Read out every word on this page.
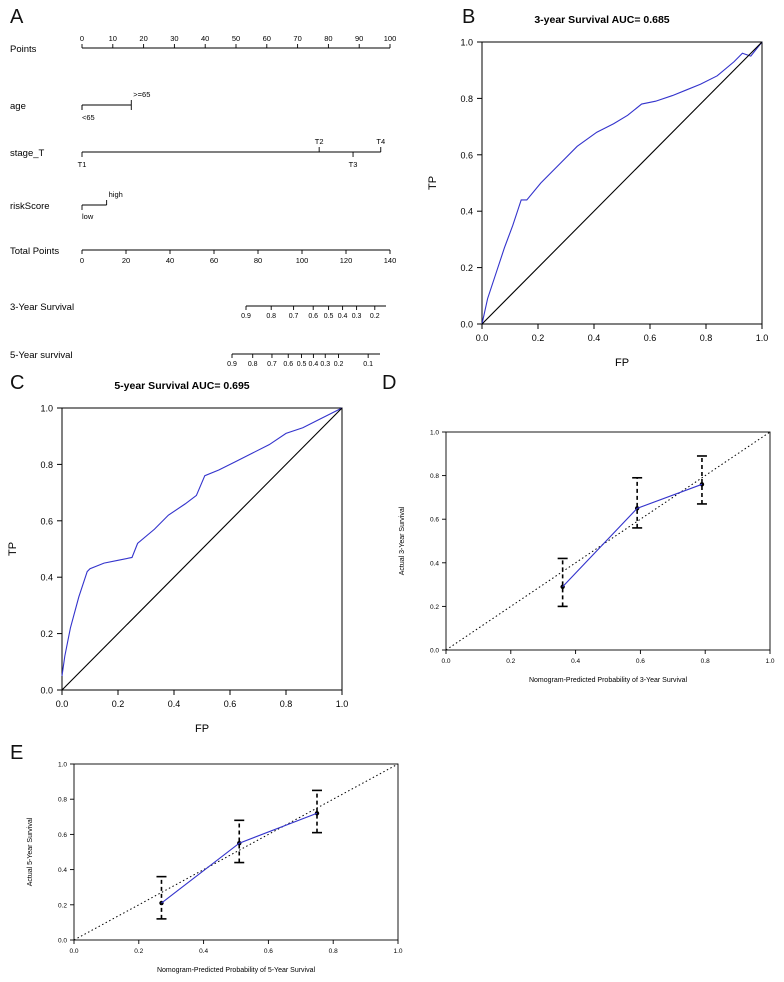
A
Points
age
stage_T
riskScore
Total Points
3-Year Survival
5-Year survival
0	10	20	30	40	50	60	70	80	90	100
<65
>=65
T1
T2
T3
T4
low
high
0	20	40	60	80	100	120	140
0.9 0.8 0.7 0.6 0.5 0.4 0.3 0.2
0.9 0.8 0.7 0.6 0.5 0.4 0.3 0.2	0.1
B	3-year Survival AUC= 0.685
0.0	0.2	0.4	0.6	0.8	1.0
0.0
0.2
0.4
0.6
0.8
1.0
FP
TP
C	5-year Survival AUC= 0.695
0.0	0.2	0.4	0.6	0.8	1.0
0.0
0.2
0.4
0.6
0.8
1.0
FP
TP
D
0.0	0.2	0.4	0.6	0.8	1.0
0.0
0.2
0.4
0.6
0.8
1.0
Nomogram-Predicted Probability of 3-Year Survival
Actual 3-Year Survival
E
0.0	0.2	0.4	0.6	0.8	1.0
0.0
0.2
0.4
0.6
0.8
1.0
Nomogram-Predicted Probability of 5-Year Survival
Actual 5-Year Survival
